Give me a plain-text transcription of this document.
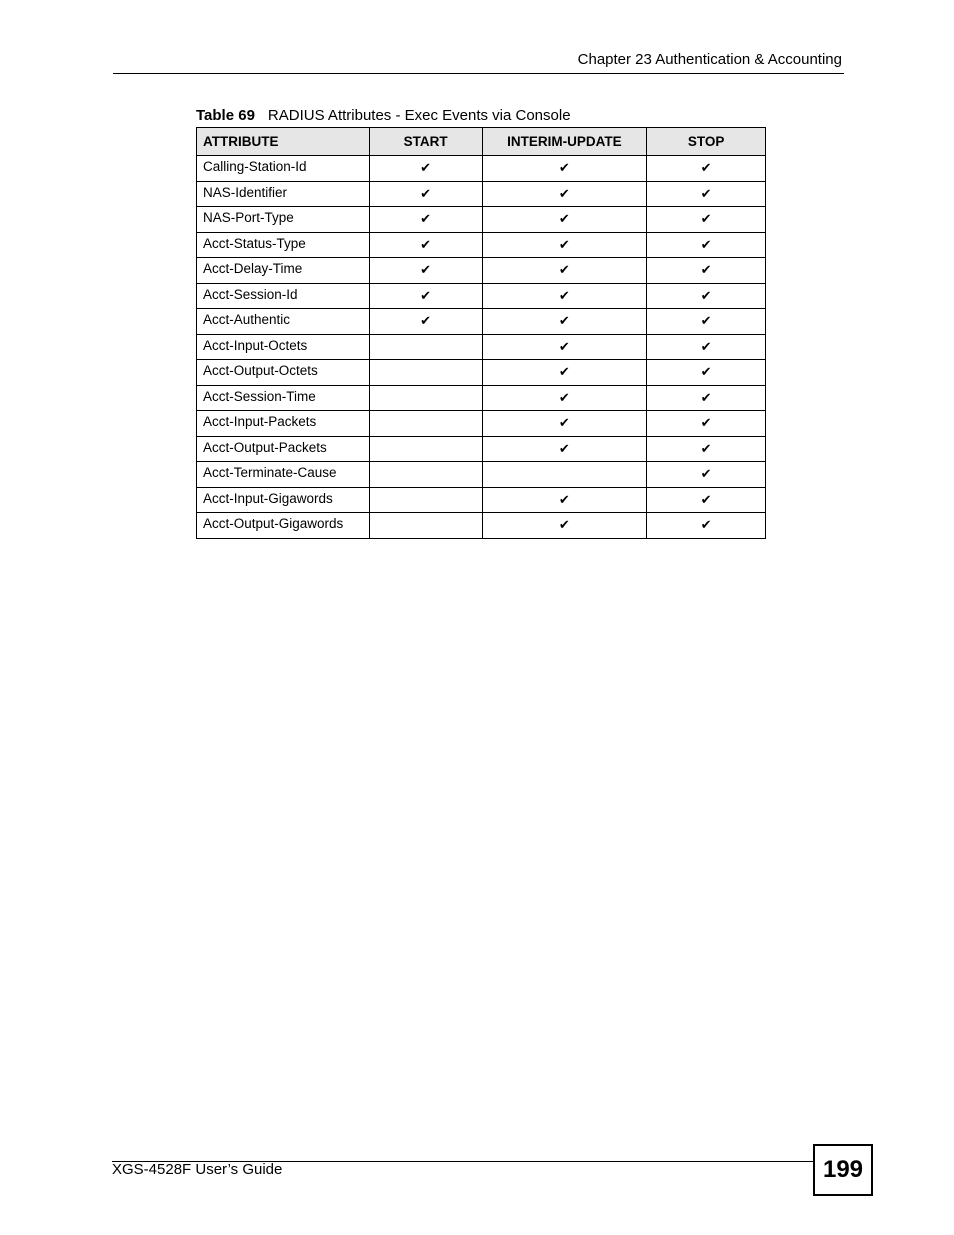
Chapter 23 Authentication & Accounting
Table 69 RADIUS Attributes - Exec Events via Console
ATTRIBUTE	START	INTERIM-UPDATE	STOP
Calling-Station-Id	✔	✔	✔
NAS-Identifier	✔	✔	✔
NAS-Port-Type	✔	✔	✔
Acct-Status-Type	✔	✔	✔
Acct-Delay-Time	✔	✔	✔
Acct-Session-Id	✔	✔	✔
Acct-Authentic	✔	✔	✔
Acct-Input-Octets		✔	✔
Acct-Output-Octets		✔	✔
Acct-Session-Time		✔	✔
Acct-Input-Packets		✔	✔
Acct-Output-Packets		✔	✔
Acct-Terminate-Cause			✔
Acct-Input-Gigawords		✔	✔
Acct-Output-Gigawords		✔	✔
XGS-4528F User’s Guide	199
